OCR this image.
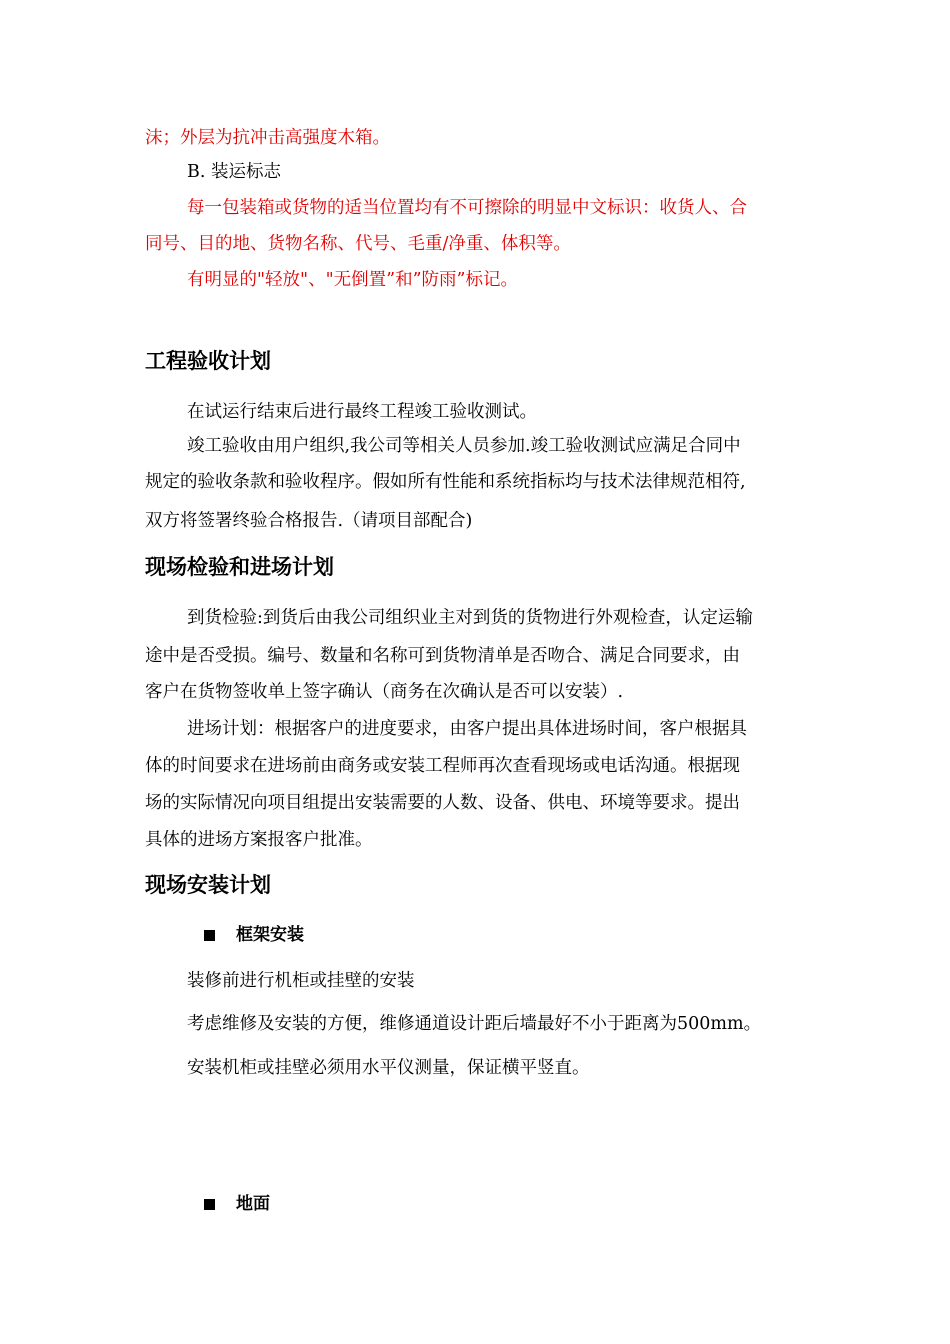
沫；外层为抗冲击高强度木箱。
B. 装运标志
每一包装箱或货物的适当位置均有不可擦除的明显中文标识：收货人、合
同号、目的地、货物名称、代号、毛重/净重、体积等。
有明显的"轻放"、"无倒置”和”防雨”标记。
工程验收计划
在试运行结束后进行最终工程竣工验收测试。
竣工验收由用户组织,我公司等相关人员参加.竣工验收测试应满足合同中
规定的验收条款和验收程序。假如所有性能和系统指标均与技术法律规范相符,
双方将签署终验合格报告.（请项目部配合)
现场检验和进场计划
到货检验:到货后由我公司组织业主对到货的货物进行外观检查，认定运输
途中是否受损。编号、数量和名称可到货物清单是否吻合、满足合同要求，由
客户在货物签收单上签字确认（商务在次确认是否可以安装）.
进场计划：根据客户的进度要求，由客户提出具体进场时间，客户根据具
体的时间要求在进场前由商务或安装工程师再次查看现场或电话沟通。根据现
场的实际情况向项目组提出安装需要的人数、设备、供电、环境等要求。提出
具体的进场方案报客户批准。
现场安装计划
框架安装
装修前进行机柜或挂壁的安装
考虑维修及安装的方便，维修通道设计距后墙最好不小于距离为500mm。
安装机柜或挂壁必须用水平仪测量，保证横平竖直。
地面
